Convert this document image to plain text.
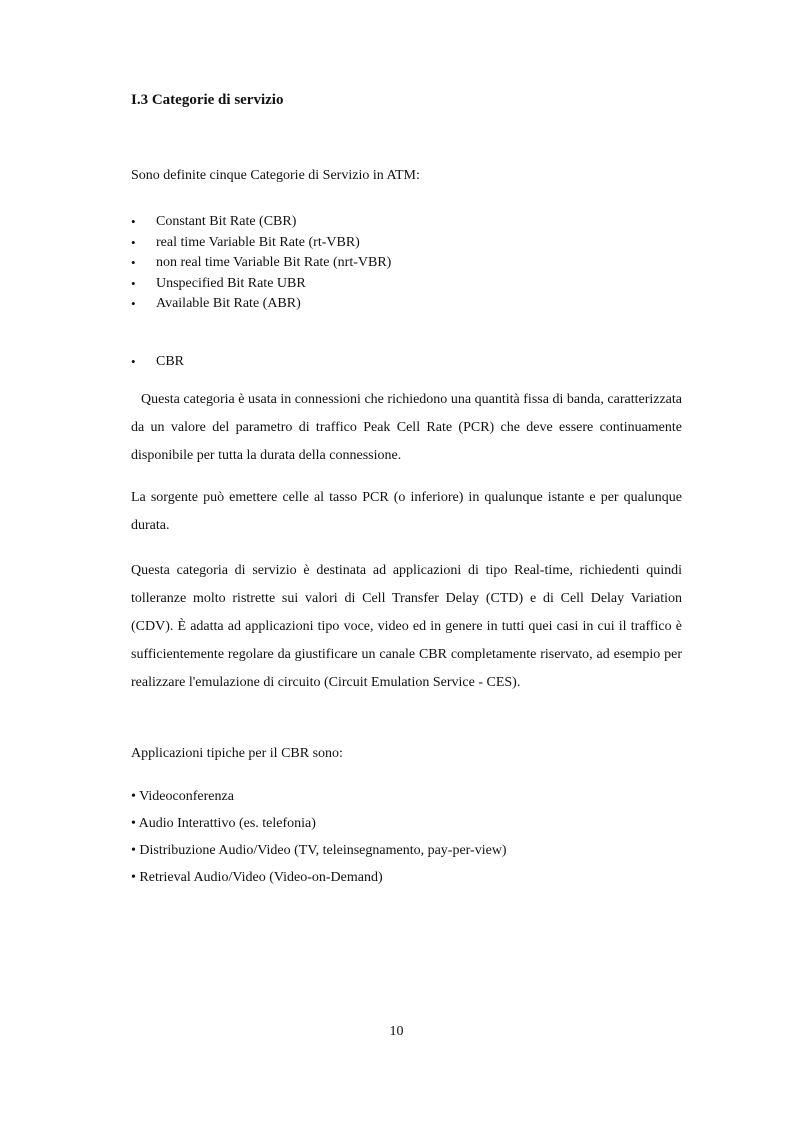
I.3 Categorie di servizio

Sono definite cinque Categorie di Servizio in ATM:

• Constant Bit Rate (CBR)
• real time Variable Bit Rate (rt-VBR)
• non real time Variable Bit Rate (nrt-VBR)
• Unspecified Bit Rate UBR
• Available Bit Rate (ABR)
• CBR

Questa categoria è usata in connessioni che richiedono una quantità fissa di banda, caratterizzata da un valore del parametro di traffico Peak Cell Rate (PCR) che deve essere continuamente disponibile per tutta la durata della connessione.

La sorgente può emettere celle al tasso PCR (o inferiore) in qualunque istante e per qualunque durata.

Questa categoria di servizio è destinata ad applicazioni di tipo Real-time, richiedenti quindi tolleranze molto ristrette sui valori di Cell Transfer Delay (CTD) e di Cell Delay Variation (CDV). È adatta ad applicazioni tipo voce, video ed in genere in tutti quei casi in cui il traffico è sufficientemente regolare da giustificare un canale CBR completamente riservato, ad esempio per realizzare l'emulazione di circuito (Circuit Emulation Service - CES).

Applicazioni tipiche per il CBR sono:

• Videoconferenza
• Audio Interattivo (es. telefonia)
• Distribuzione Audio/Video (TV, teleinsegnamento, pay-per-view)
• Retrieval Audio/Video (Video-on-Demand)

10
